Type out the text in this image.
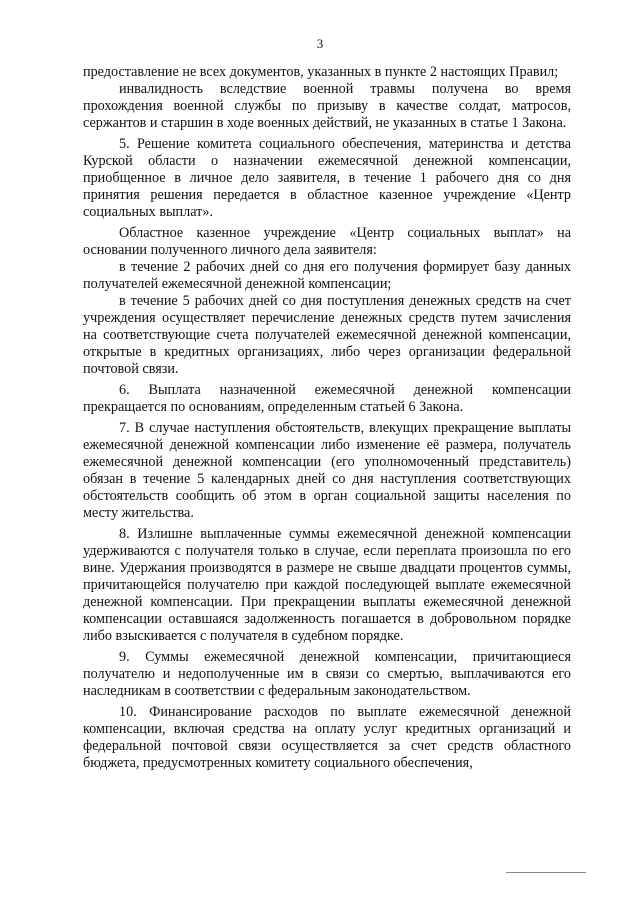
3

предоставление не всех документов, указанных в пункте 2 настоящих Правил;

инвалидность вследствие военной травмы получена во время прохождения военной службы по призыву в качестве солдат, матросов, сержантов и старшин в ходе военных действий, не указанных в статье 1 Закона.

5. Решение комитета социального обеспечения, материнства и детства Курской области о назначении ежемесячной денежной компенсации, приобщенное в личное дело заявителя, в течение 1 рабочего дня со дня принятия решения передается в областное казенное учреждение «Центр социальных выплат».

Областное казенное учреждение «Центр социальных выплат» на основании полученного личного дела заявителя:

в течение 2 рабочих дней со дня его получения формирует базу данных получателей ежемесячной денежной компенсации;

в течение 5 рабочих дней со дня поступления денежных средств на счет учреждения осуществляет перечисление денежных средств путем зачисления на соответствующие счета получателей ежемесячной денежной компенсации, открытые в кредитных организациях, либо через организации федеральной почтовой связи.

6. Выплата назначенной ежемесячной денежной компенсации прекращается по основаниям, определенным статьей 6 Закона.

7. В случае наступления обстоятельств, влекущих прекращение выплаты ежемесячной денежной компенсации либо изменение её размера, получатель ежемесячной денежной компенсации (его уполномоченный представитель) обязан в течение 5 календарных дней со дня наступления соответствующих обстоятельств сообщить об этом в орган социальной защиты населения по месту жительства.

8. Излишне выплаченные суммы ежемесячной денежной компенсации удерживаются с получателя только в случае, если переплата произошла по его вине. Удержания производятся в размере не свыше двадцати процентов суммы, причитающейся получателю при каждой последующей выплате ежемесячной денежной компенсации. При прекращении выплаты ежемесячной денежной компенсации оставшаяся задолженность погашается в добровольном порядке либо взыскивается с получателя в судебном порядке.

9. Суммы ежемесячной денежной компенсации, причитающиеся получателю и недополученные им в связи со смертью, выплачиваются его наследникам в соответствии с федеральным законодательством.

10. Финансирование расходов по выплате ежемесячной денежной компенсации, включая средства на оплату услуг кредитных организаций и федеральной почтовой связи осуществляется за счет средств областного бюджета, предусмотренных комитету социального обеспечения,
